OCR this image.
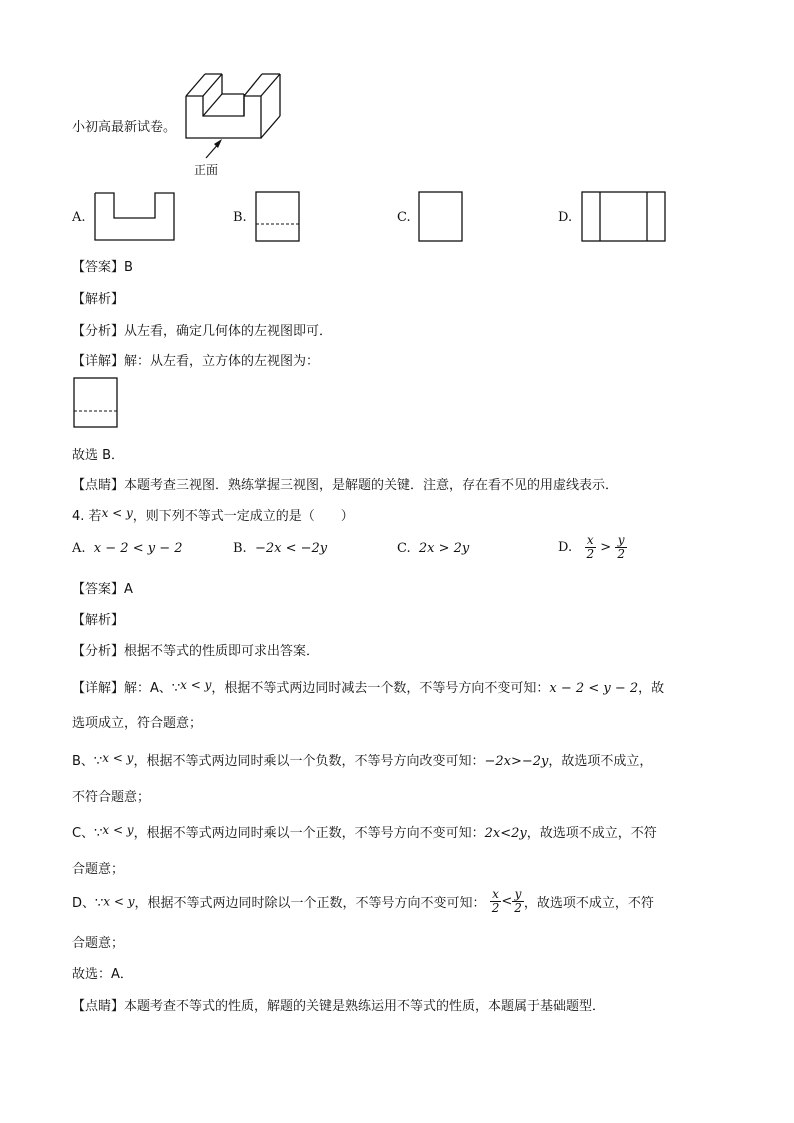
小初高最新试卷。
正面
A.	B.	C.	D.
【答案】B
【解析】
【分析】从左看，确定几何体的左视图即可．
【详解】解：从左看，立方体的左视图为：
故选 B．
【点睛】本题考查三视图．熟练掌握三视图，是解题的关键．注意，存在看不见的用虚线表示．
4. 若x < y，则下列不等式一定成立的是（　　）
A. x − 2 < y − 2	B. −2x < −2y	C. 2x > 2y	D. $\frac{x}{2} > \frac{y}{2}$
【答案】A
【解析】
【分析】根据不等式的性质即可求出答案．
【详解】解：A、∵x < y，根据不等式两边同时减去一个数，不等号方向不变可知：x − 2 < y − 2，故
选项成立，符合题意；
B、∵x < y，根据不等式两边同时乘以一个负数，不等号方向改变可知：−2x>−2y，故选项不成立，
不符合题意；
C、∵x < y，根据不等式两边同时乘以一个正数，不等号方向不变可知：2x<2y，故选项不成立，不符
合题意；
D、∵x < y，根据不等式两边同时除以一个正数，不等号方向不变可知： $\frac{x}{2} < \frac{y}{2}$ ，故选项不成立，不符
合题意；
故选：A．
【点睛】本题考查不等式的性质，解题的关键是熟练运用不等式的性质，本题属于基础题型．
